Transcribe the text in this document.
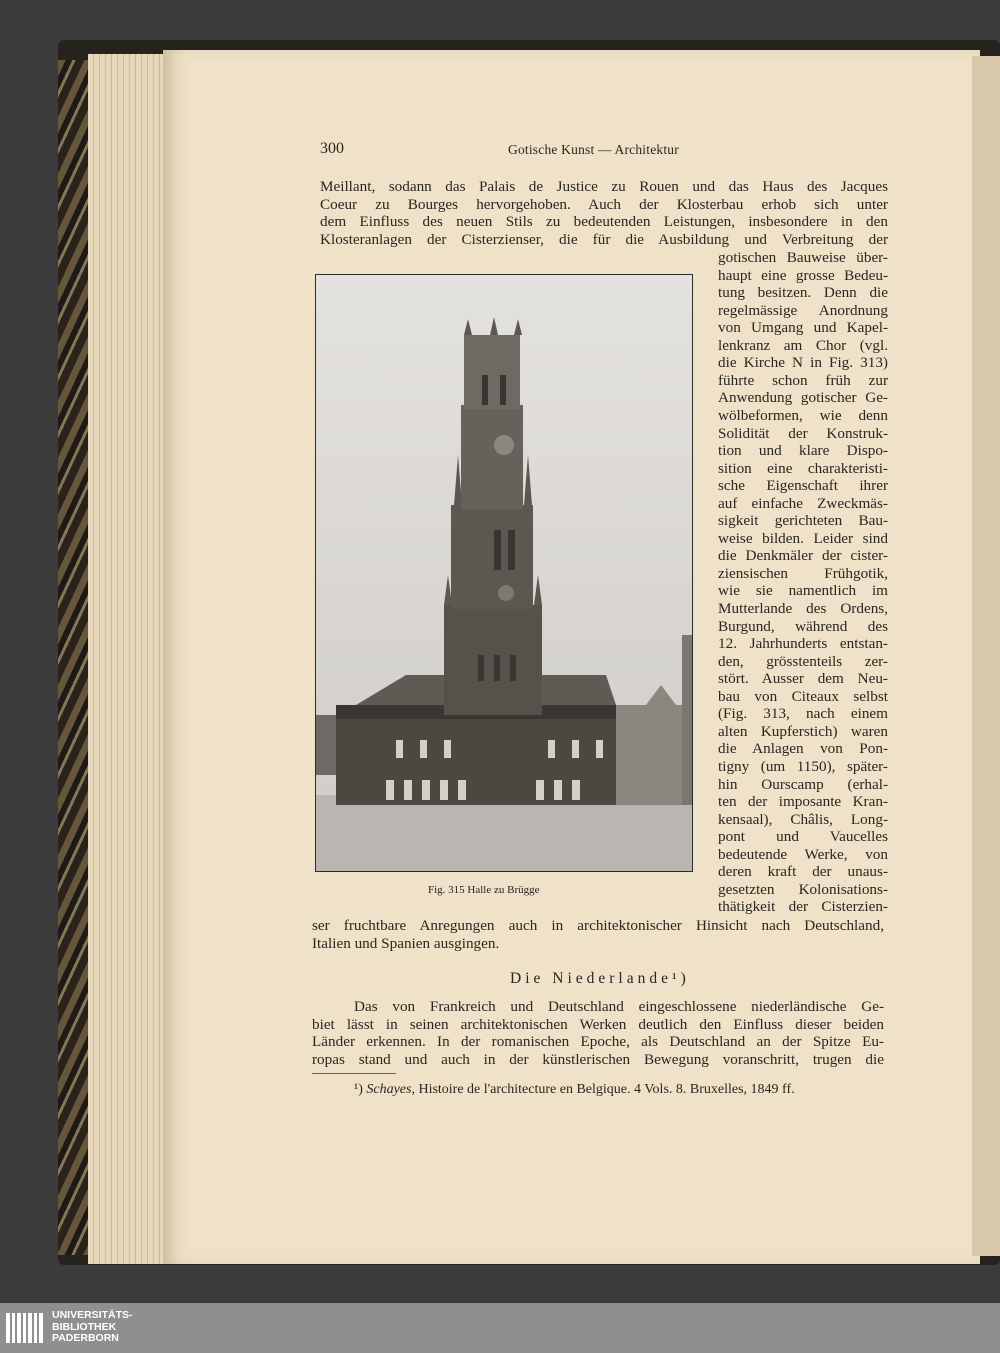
300	Gotische Kunst — Architektur
Meillant, sodann das Palais de Justice zu Rouen und das Haus des Jacques
Coeur zu Bourges hervorgehoben. Auch der Klosterbau erhob sich unter
dem Einfluss des neuen Stils zu bedeutenden Leistungen, insbesondere in den
Klosteranlagen der Cisterzienser, die für die Ausbildung und Verbreitung der
gotischen Bauweise über-
haupt eine grosse Bedeu-
tung besitzen. Denn die
regelmässige Anordnung
von Umgang und Kapel-
lenkranz am Chor (vgl.
die Kirche N in Fig. 313)
führte schon früh zur
Anwendung gotischer Ge-
wölbeformen, wie denn
Solidität der Konstruk-
tion und klare Dispo-
sition eine charakteristi-
sche Eigenschaft ihrer
auf einfache Zweckmäs-
sigkeit gerichteten Bau-
weise bilden. Leider sind
die Denkmäler der cister-
ziensischen Frühgotik,
wie sie namentlich im
Mutterlande des Ordens,
Burgund, während des
12. Jahrhunderts entstan-
den, grösstenteils zer-
stört. Ausser dem Neu-
bau von Citeaux selbst
(Fig. 313, nach einem
alten Kupferstich) waren
die Anlagen von Pon-
tigny (um 1150), später-
hin Ourscamp (erhal-
ten der imposante Kran-
kensaal), Châlis, Long-
pont und Vaucelles
bedeutende Werke, von
deren kraft der unaus-
gesetzten Kolonisations-
thätigkeit der Cisterzien-
Fig. 315 Halle zu Brügge
ser fruchtbare Anregungen auch in architektonischer Hinsicht nach Deutschland,
Italien und Spanien ausgingen.
Die Niederlande¹)
Das von Frankreich und Deutschland eingeschlossene niederländische Ge-
biet lässt in seinen architektonischen Werken deutlich den Einfluss dieser beiden
Länder erkennen. In der romanischen Epoche, als Deutschland an der Spitze Eu-
ropas stand und auch in der künstlerischen Bewegung voranschritt, trugen die
¹) Schayes, Histoire de l'architecture en Belgique. 4 Vols. 8. Bruxelles, 1849 ff.
UNIVERSITÄTS-
BIBLIOTHEK
PADERBORN
